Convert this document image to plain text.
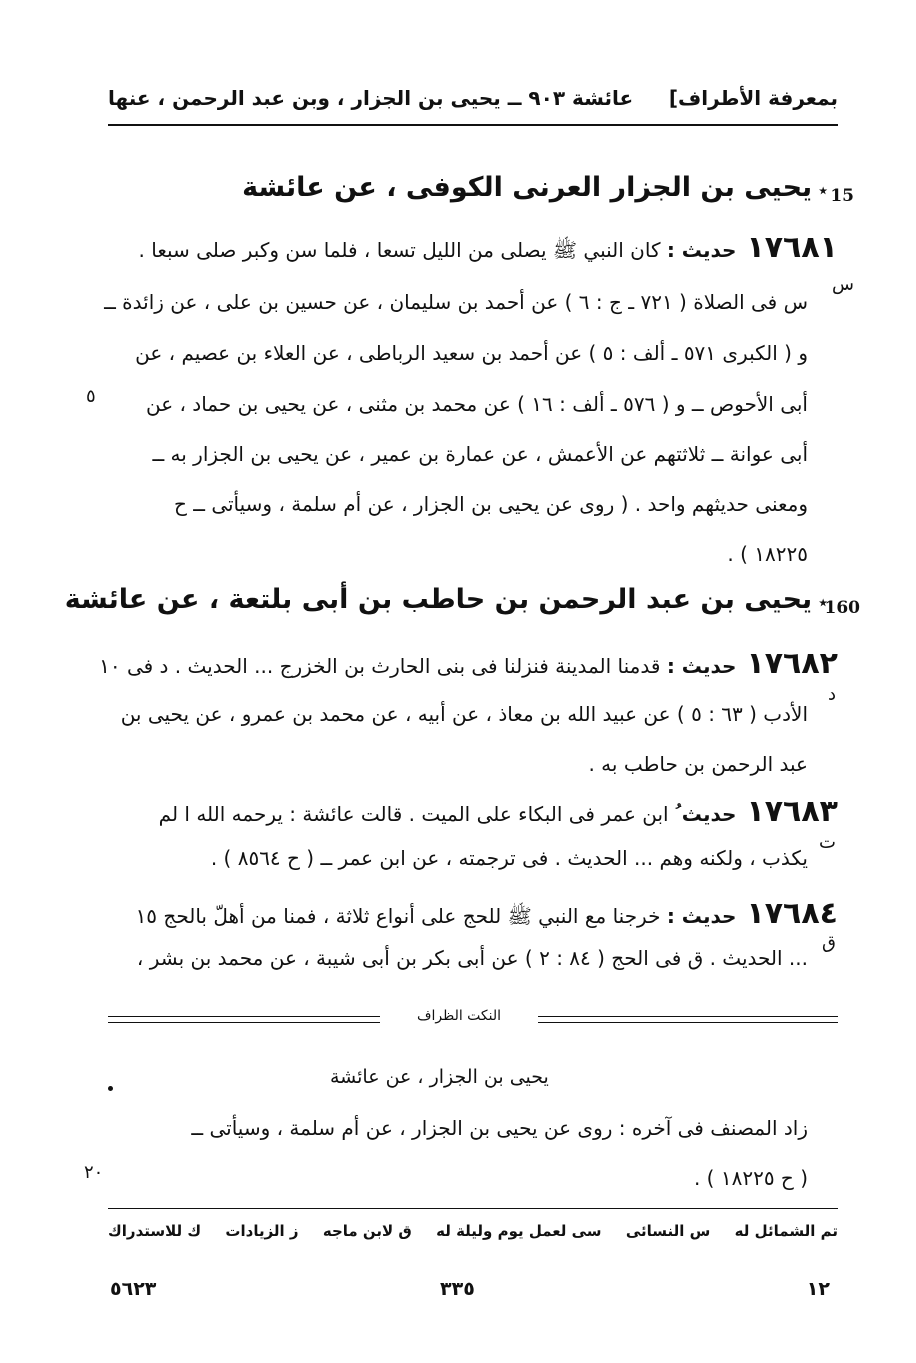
بمعرفة الأطراف]
عائشة ٩٠٣ ــ يحيى بن الجزار ، وبن عبد الرحمن ، عنها
15
٭يحيى بن الجزار العرنى الكوفى ، عن عائشة
١٧٦٨١حديث : كان النبي ﷺ يصلى من الليل تسعا ، فلما سن وكبر صلى سبعا .
س فى الصلاة ( ٧٢١ ـ ج : ٦ ) عن أحمد بن سليمان ، عن حسين بن على ، عن زائدة ــ
و ( الكبرى ٥٧١ ـ ألف : ٥ ) عن أحمد بن سعيد الرباطى ، عن العلاء بن عصيم ، عن
أبى الأحوص ــ و ( ٥٧٦ ـ ألف : ١٦ ) عن محمد بن مثنى ، عن يحيى بن حماد ، عن
أبى عوانة ــ ثلاثتهم عن الأعمش ، عن عمارة بن عمير ، عن يحيى بن الجزار به ــ
ومعنى حديثهم واحد . ( روى عن يحيى بن الجزار ، عن أم سلمة ، وسيأتى ــ ح
١٨٢٢٥ ) .
160
٭يحيى بن عبد الرحمن بن حاطب بن أبى بلتعة ، عن عائشة
١٧٦٨٢حديث : قدمنا المدينة فنزلنا فى بنى الحارث بن الخزرج ... الحديث . د فى ١٠
الأدب ( ٦٣ : ٥ ) عن عبيد الله بن معاذ ، عن أبيه ، عن محمد بن عمرو ، عن يحيى بن
عبد الرحمن بن حاطب به .
١٧٦٨٣حديث ُ ابن عمر فى البكاء على الميت . قالت عائشة : يرحمه الله ا لم
يكذب ، ولكنه وهم ... الحديث . فى ترجمته ، عن ابن عمر ــ ( ح ٨٥٦٤ ) .
١٧٦٨٤حديث : خرجنا مع النبي ﷺ للحج على أنواع ثلاثة ، فمنا من أهلّ بالحج ١٥
... الحديث . ق فى الحج ( ٨٤ : ٢ ) عن أبى بكر بن أبى شيبة ، عن محمد بن بشر ،
س
٥
د
ت
ق
٢٠
النكت الظراف
يحيى بن الجزار ، عن عائشة
زاد المصنف فى آخره : روى عن يحيى بن الجزار ، عن أم سلمة ، وسيأتى ــ
( ح ١٨٢٢٥ ) .
تم الشمائل له
س النسائى
سى لعمل يوم وليلة له
ق لابن ماجه
ز الزيادات
ك للاستدراك
١٢
٣٣٥
٥٦٢٣
